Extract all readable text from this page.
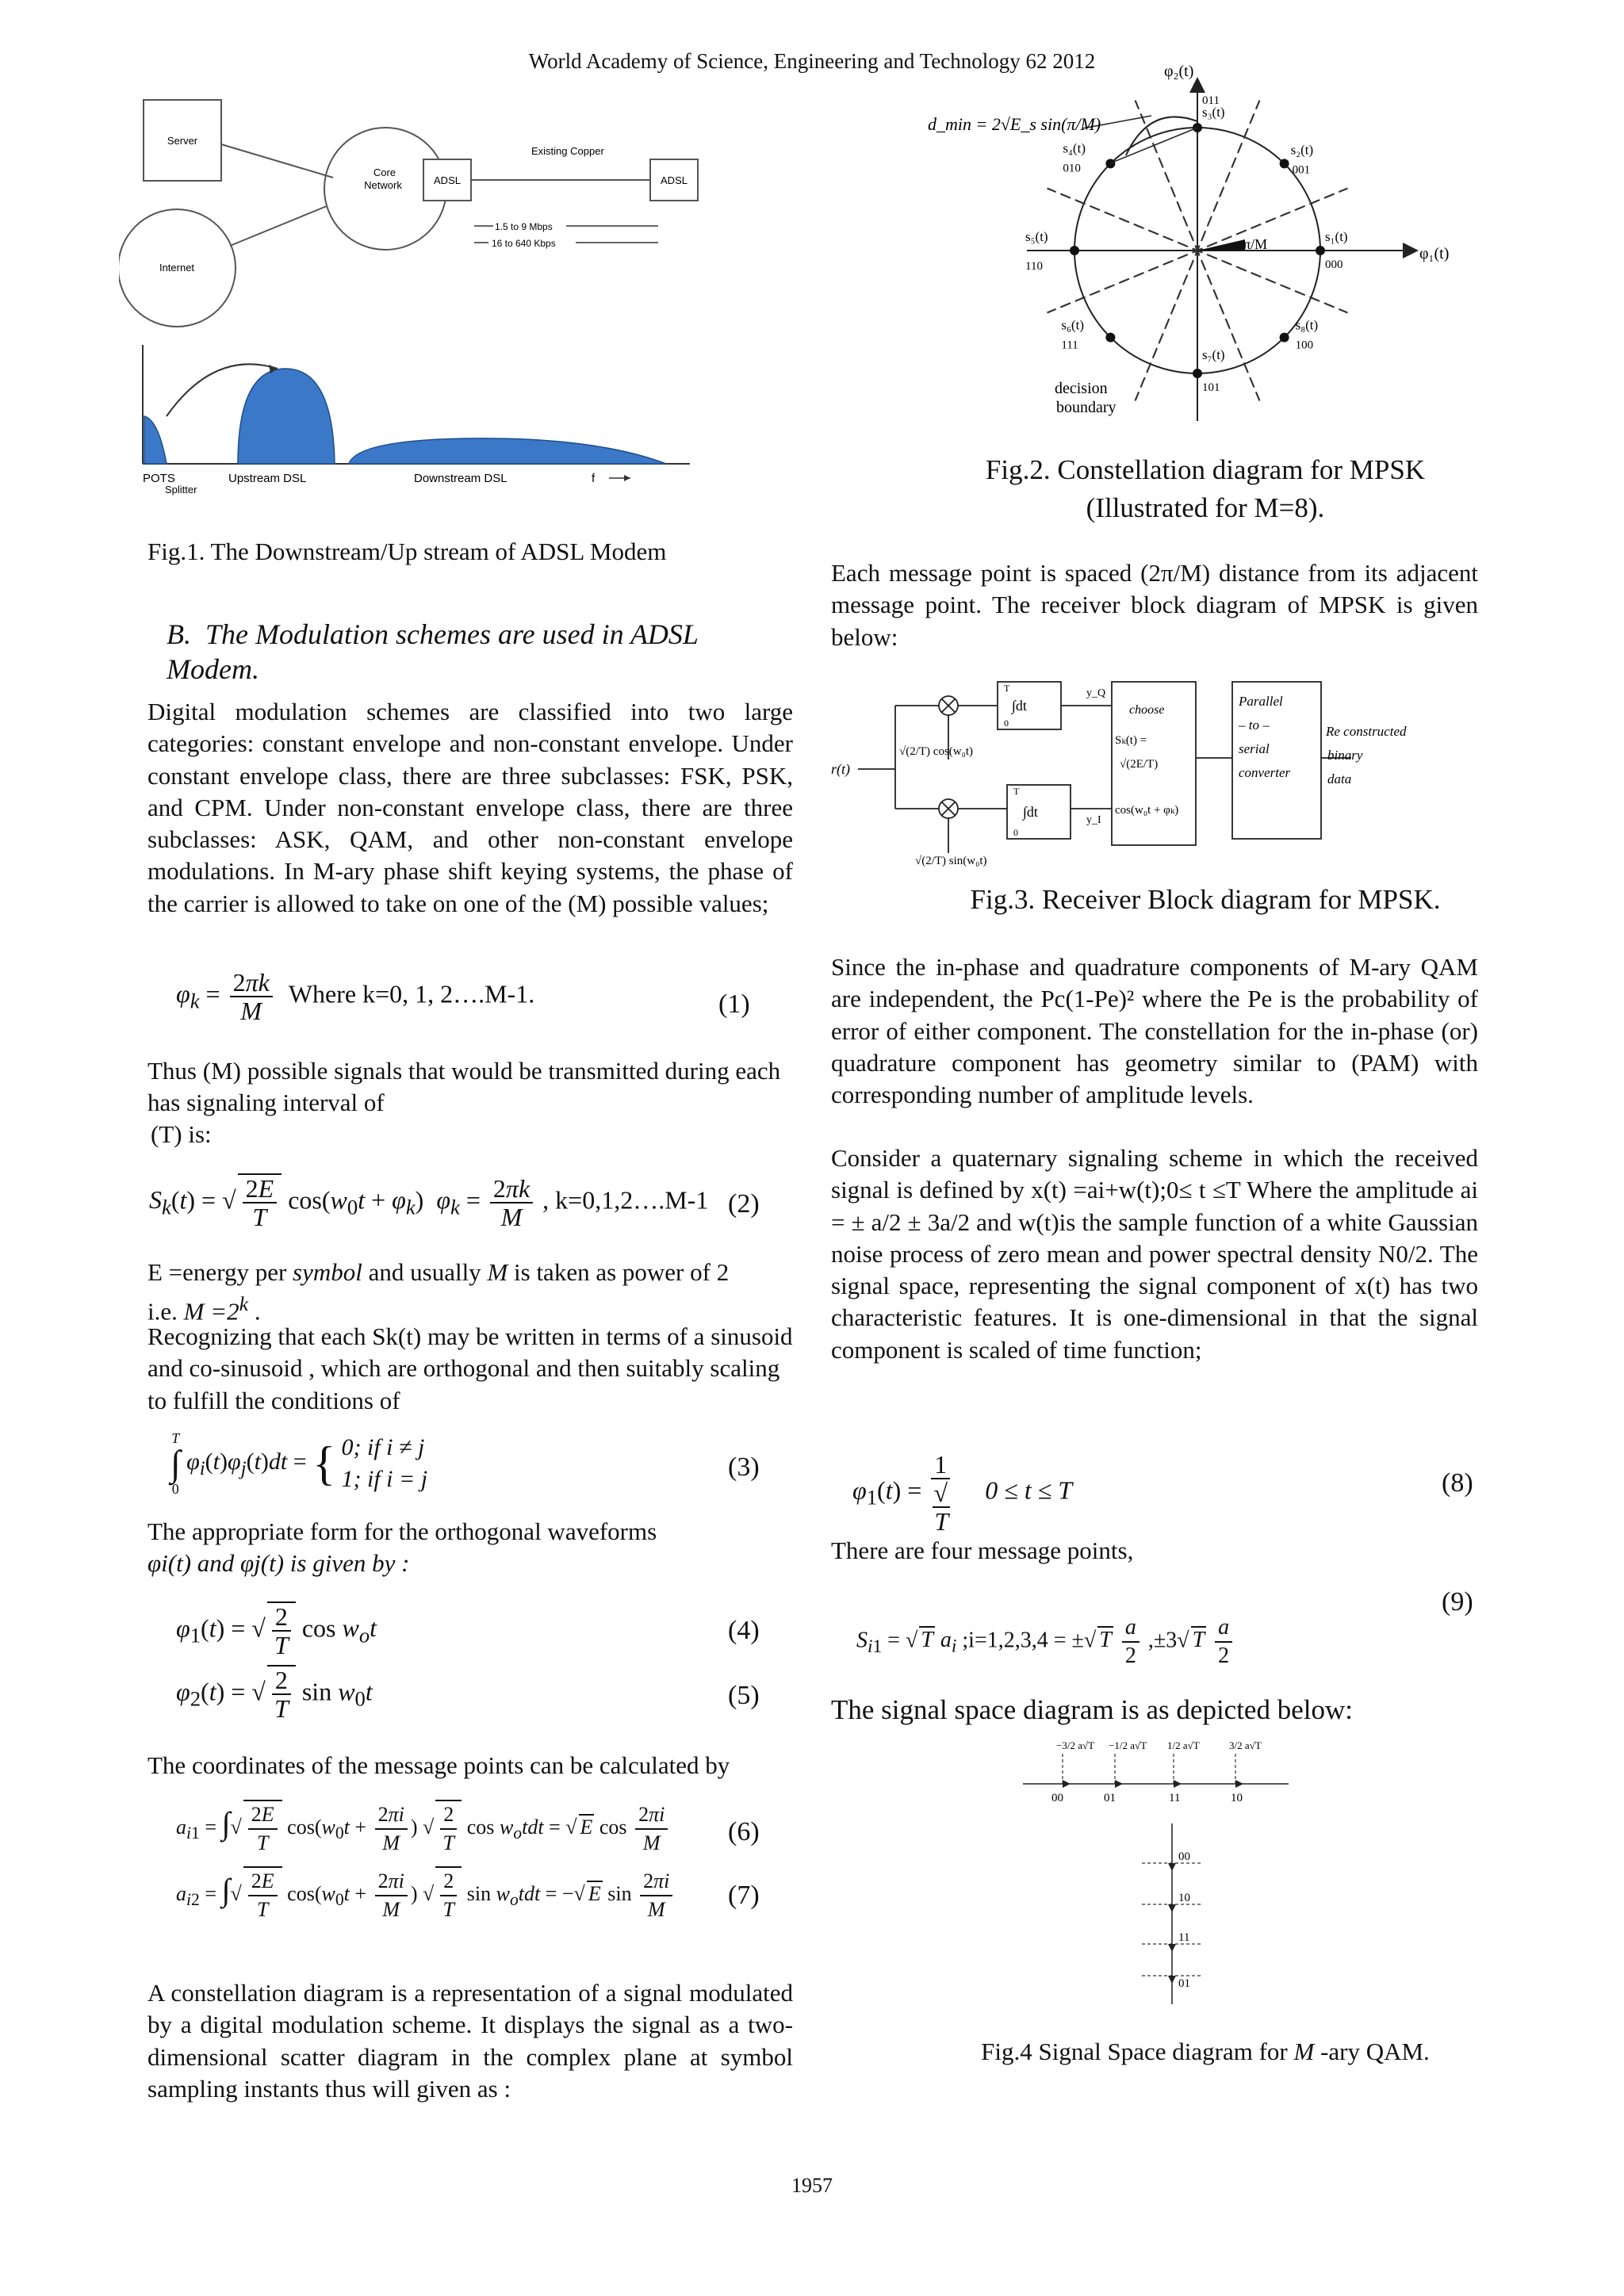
World Academy of Science, Engineering and Technology 62 2012
1957
Server
Internet
Core
Network	ADSL	ADSL
Existing Copper
1.5 to 9 Mbps
16 to 640 Kbps
POTS
Splitter
Upstream DSL	Downstream DSL	f
Fig.1. The Downstream/Up stream of ADSL Modem
B. The Modulation schemes are used in ADSL Modem.

Digital modulation schemes are classified into two large categories: constant envelope and non-constant envelope. Under constant envelope class, there are three subclasses: FSK, PSK, and CPM. Under non-constant envelope class, there are three subclasses: ASK, QAM, and other non-constant envelope modulations. In M-ary phase shift keying systems, the phase of the carrier is allowed to take on one of the (M) possible values;

$\varphi_k = \frac{2\pi k}{M}$ Where k=0, 1, 2….M-1.	(1)

Thus (M) possible signals that would be transmitted during each has signaling interval of

(T) is:
$S_k(t)$ = √ $\frac{2E}{T} \cos(w_0t + \varphi_k) \varphi_k = \frac{2\pi k}{M}$ , k=0,1,2….M-1 (2)
E =energy per symbol and usually M is taken as power of 2
i.e. $M =2^k$ .

Recognizing that each Sk(t) may be written in terms of a sinusoid and co-sinusoid , which are orthogonal and then suitably scaling to fulfill the conditions of

T
∫
0 $\varphi_i(t)\varphi_j(t)dt$ = { 0; if i ≠ j
1; if i = j	(3)
The appropriate form for the orthogonal waveforms
φi(t) and φj(t) is given by :
$\varphi_1(t)$ = √ $\frac{2}{T}$ $\cos w_ot$	(4)
$\varphi_2(t)$ = √ $\frac{2}{T}$ $\sin w_0t$	(5)
The coordinates of the message points can be calculated by
$a_{i1}$ = ∫√ $\frac{2E}{T} \cos(w_0t + \frac{2\pi i}{M}$ ) √ $\frac{2}{T}$ $\cos w_otdt$ = √ E $\cos \frac{2\pi i}{M} (6)$
$a_{i2}$ = ∫√ $\frac{2E}{T} \cos(w_0t + \frac{2\pi i}{M}$ ) √ $\frac{2}{T}$ $\sin w_otdt$ = −√ E $\sin \frac{2\pi i}{M} (7)$

A constellation diagram is a representation of a signal modulated by a digital modulation scheme. It displays the signal as a two-dimensional scatter diagram in the complex plane at symbol sampling instants thus will given as :

s₁(t)
000
s₂(t)
001
s₃(t)
011
s₄(t)
010
s₅(t)
110
s₆(t)
111
s₇(t)
101
s₈(t)
100
d_min = 2√E_s sin(π/M)
φ₂(t)
φ₁(t)
π/M
decision
boundary
Fig.2. Constellation diagram for MPSK
(Illustrated for M=8).

Each message point is spaced (2π/M) distance from its adjacent message point. The receiver block diagram of MPSK is given below:

r(t)
√(2/T) cos(w₀t)
√(2/T) sin(w₀t)
∫dt
∫dt
T
0
T
0
y_Q
y_I
choose
Sₖ(t) =
√(2E/T)
cos(w₀t + φₖ)
Parallel
– to –
serial
converter
Re constructed
binary
data
Fig.3. Receiver Block diagram for MPSK.

Since the in-phase and quadrature components of M-ary QAM are independent, the Pc(1-Pe)² where the Pe is the probability of error of either component. The constellation for the in-phase (or) quadrature component has geometry similar to (PAM) with corresponding number of amplitude levels.

Consider a quaternary signaling scheme in which the received signal is defined by x(t) =ai+w(t);0≤ t ≤T Where the amplitude ai = ± a/2 ± 3a/2 and w(t)is the sample function of a white Gaussian noise process of zero mean and power spectral density N0/2. The signal space, representing the signal component of x(t) has two characteristic features. It is one-dimensional in that the signal component is scaled of time function;

$\varphi_1(t) = 1$
√
T 0 ≤ t ≤ T	(8)
There are four message points,
$S_{i1}$ = √ T $a_i$ ;i=1,2,3,4 = ±√ T $\frac{a}{2} ,\pm 3√$ T $\frac{a}{2}$
(9)
The signal space diagram is as depicted below:
−3/2 a√T
00
−1/2 a√T
01
1/2 a√T
11
3/2 a√T
10
00
10
11
01
Fig.4 Signal Space diagram for M -ary QAM.
